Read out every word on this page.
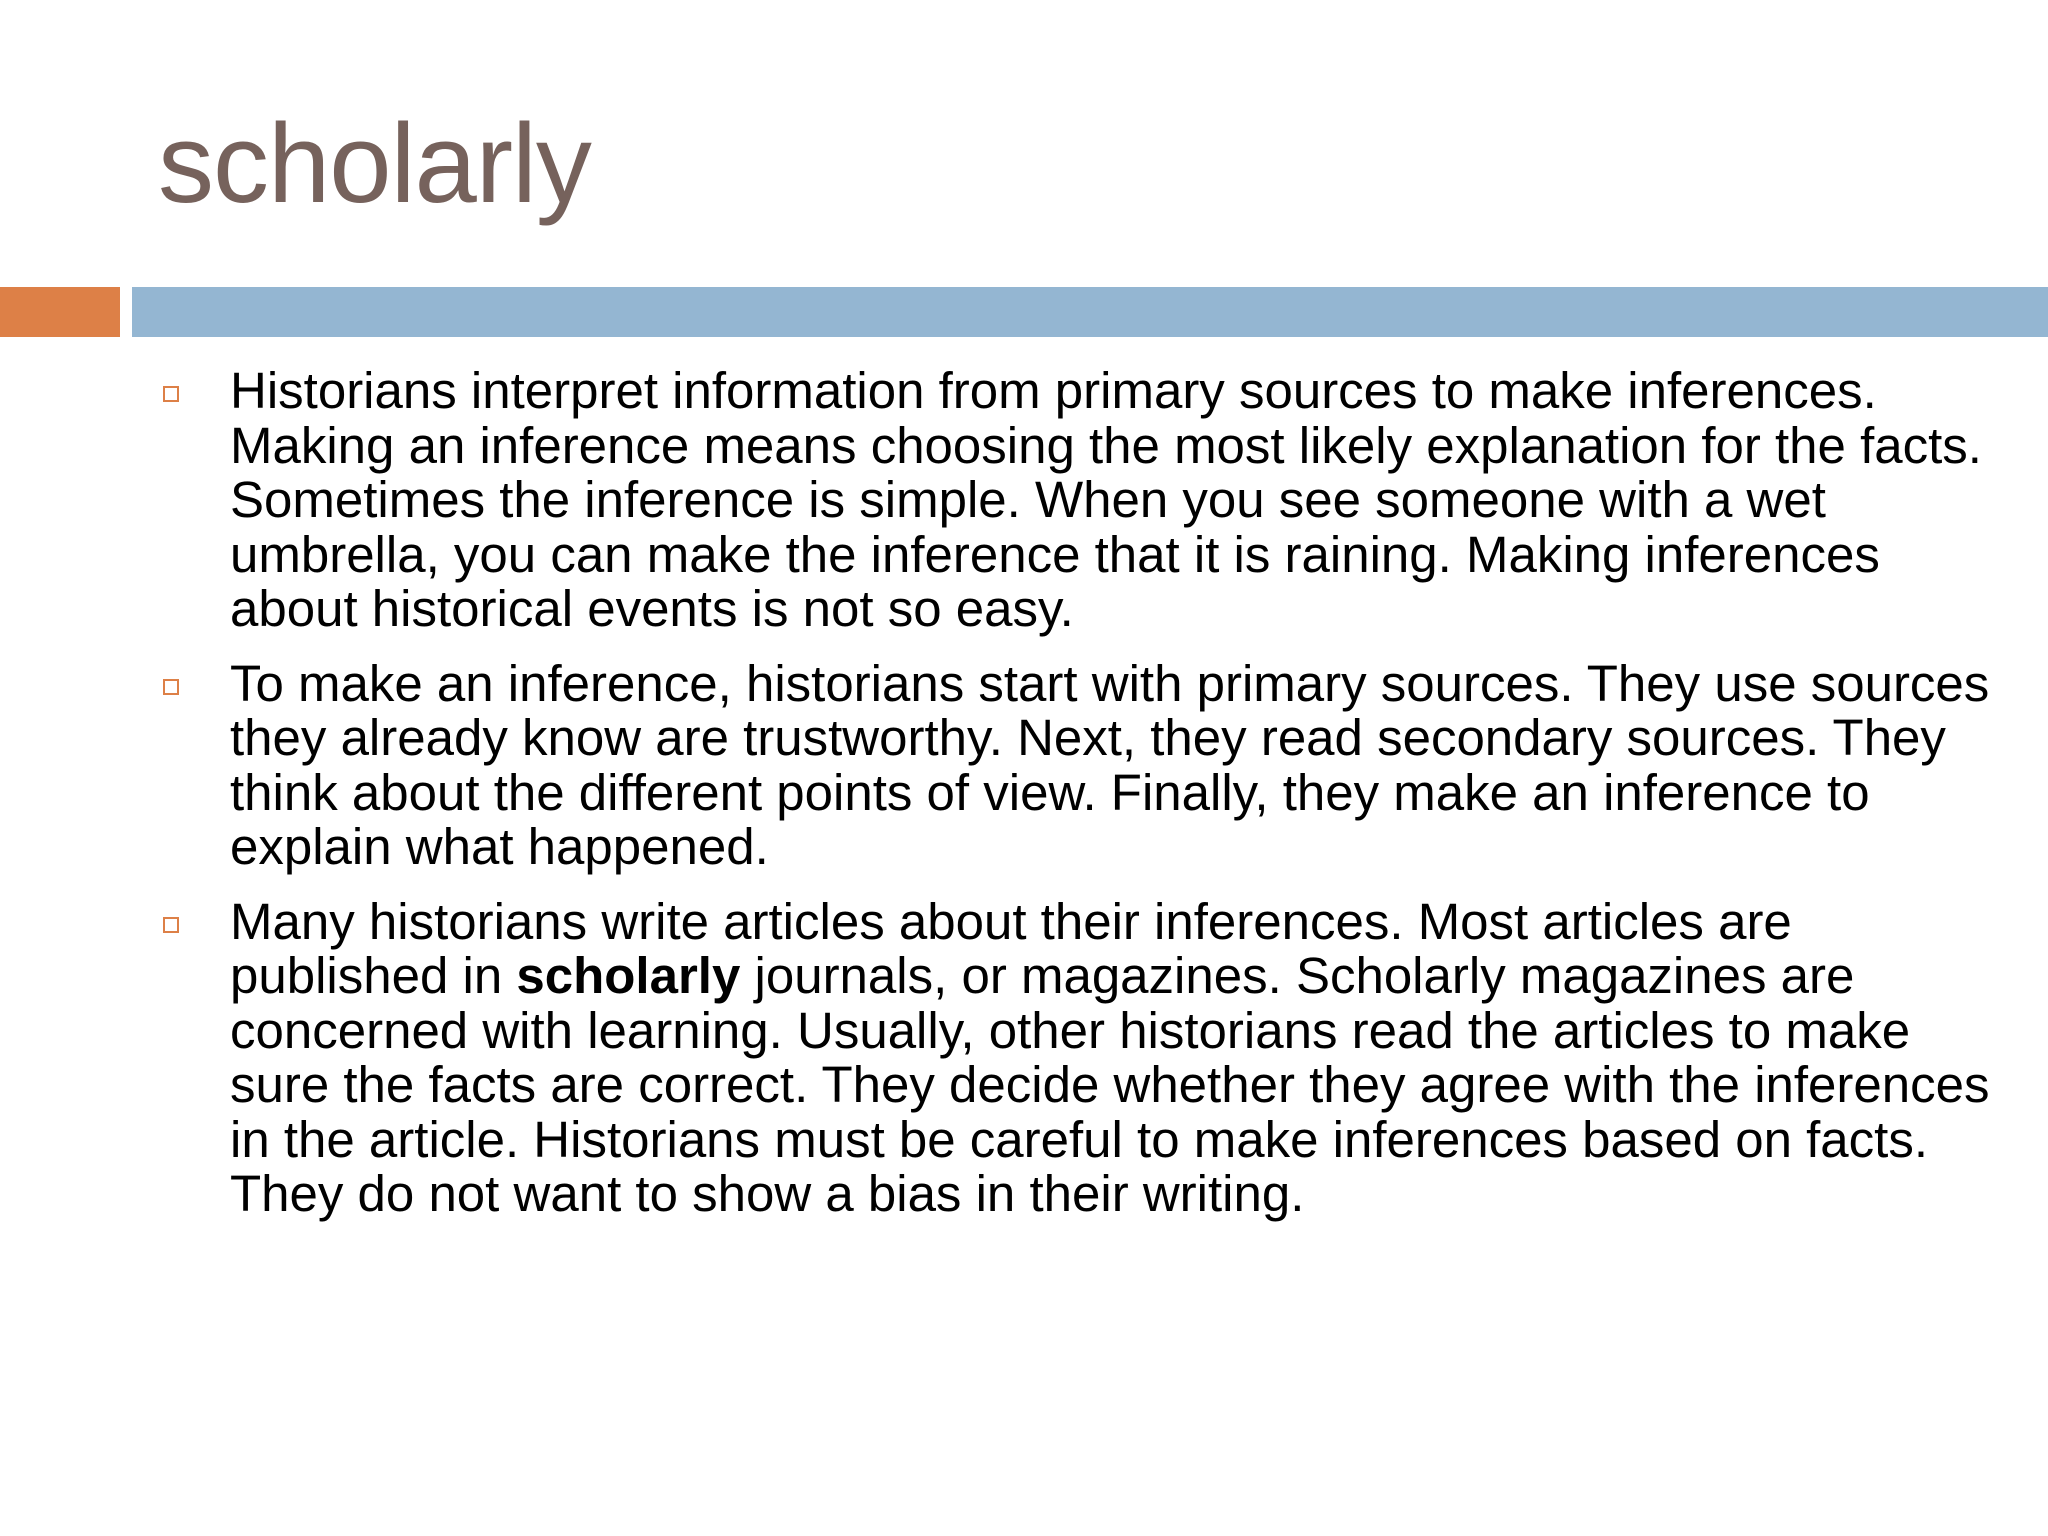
scholarly
Historians interpret information from primary sources to make inferences. Making an inference means choosing the most likely explanation for the facts. Sometimes the inference is simple. When you see someone with a wet umbrella, you can make the inference that it is raining. Making inferences about historical events is not so easy.
To make an inference, historians start with primary sources. They use sources they already know are trustworthy. Next, they read secondary sources. They think about the different points of view. Finally, they make an inference to explain what happened.
Many historians write articles about their inferences. Most articles are published in scholarly journals, or magazines. Scholarly magazines are concerned with learning. Usually, other historians read the articles to make sure the facts are correct. They decide whether they agree with the inferences in the article. Historians must be careful to make inferences based on facts. They do not want to show a bias in their writing.
